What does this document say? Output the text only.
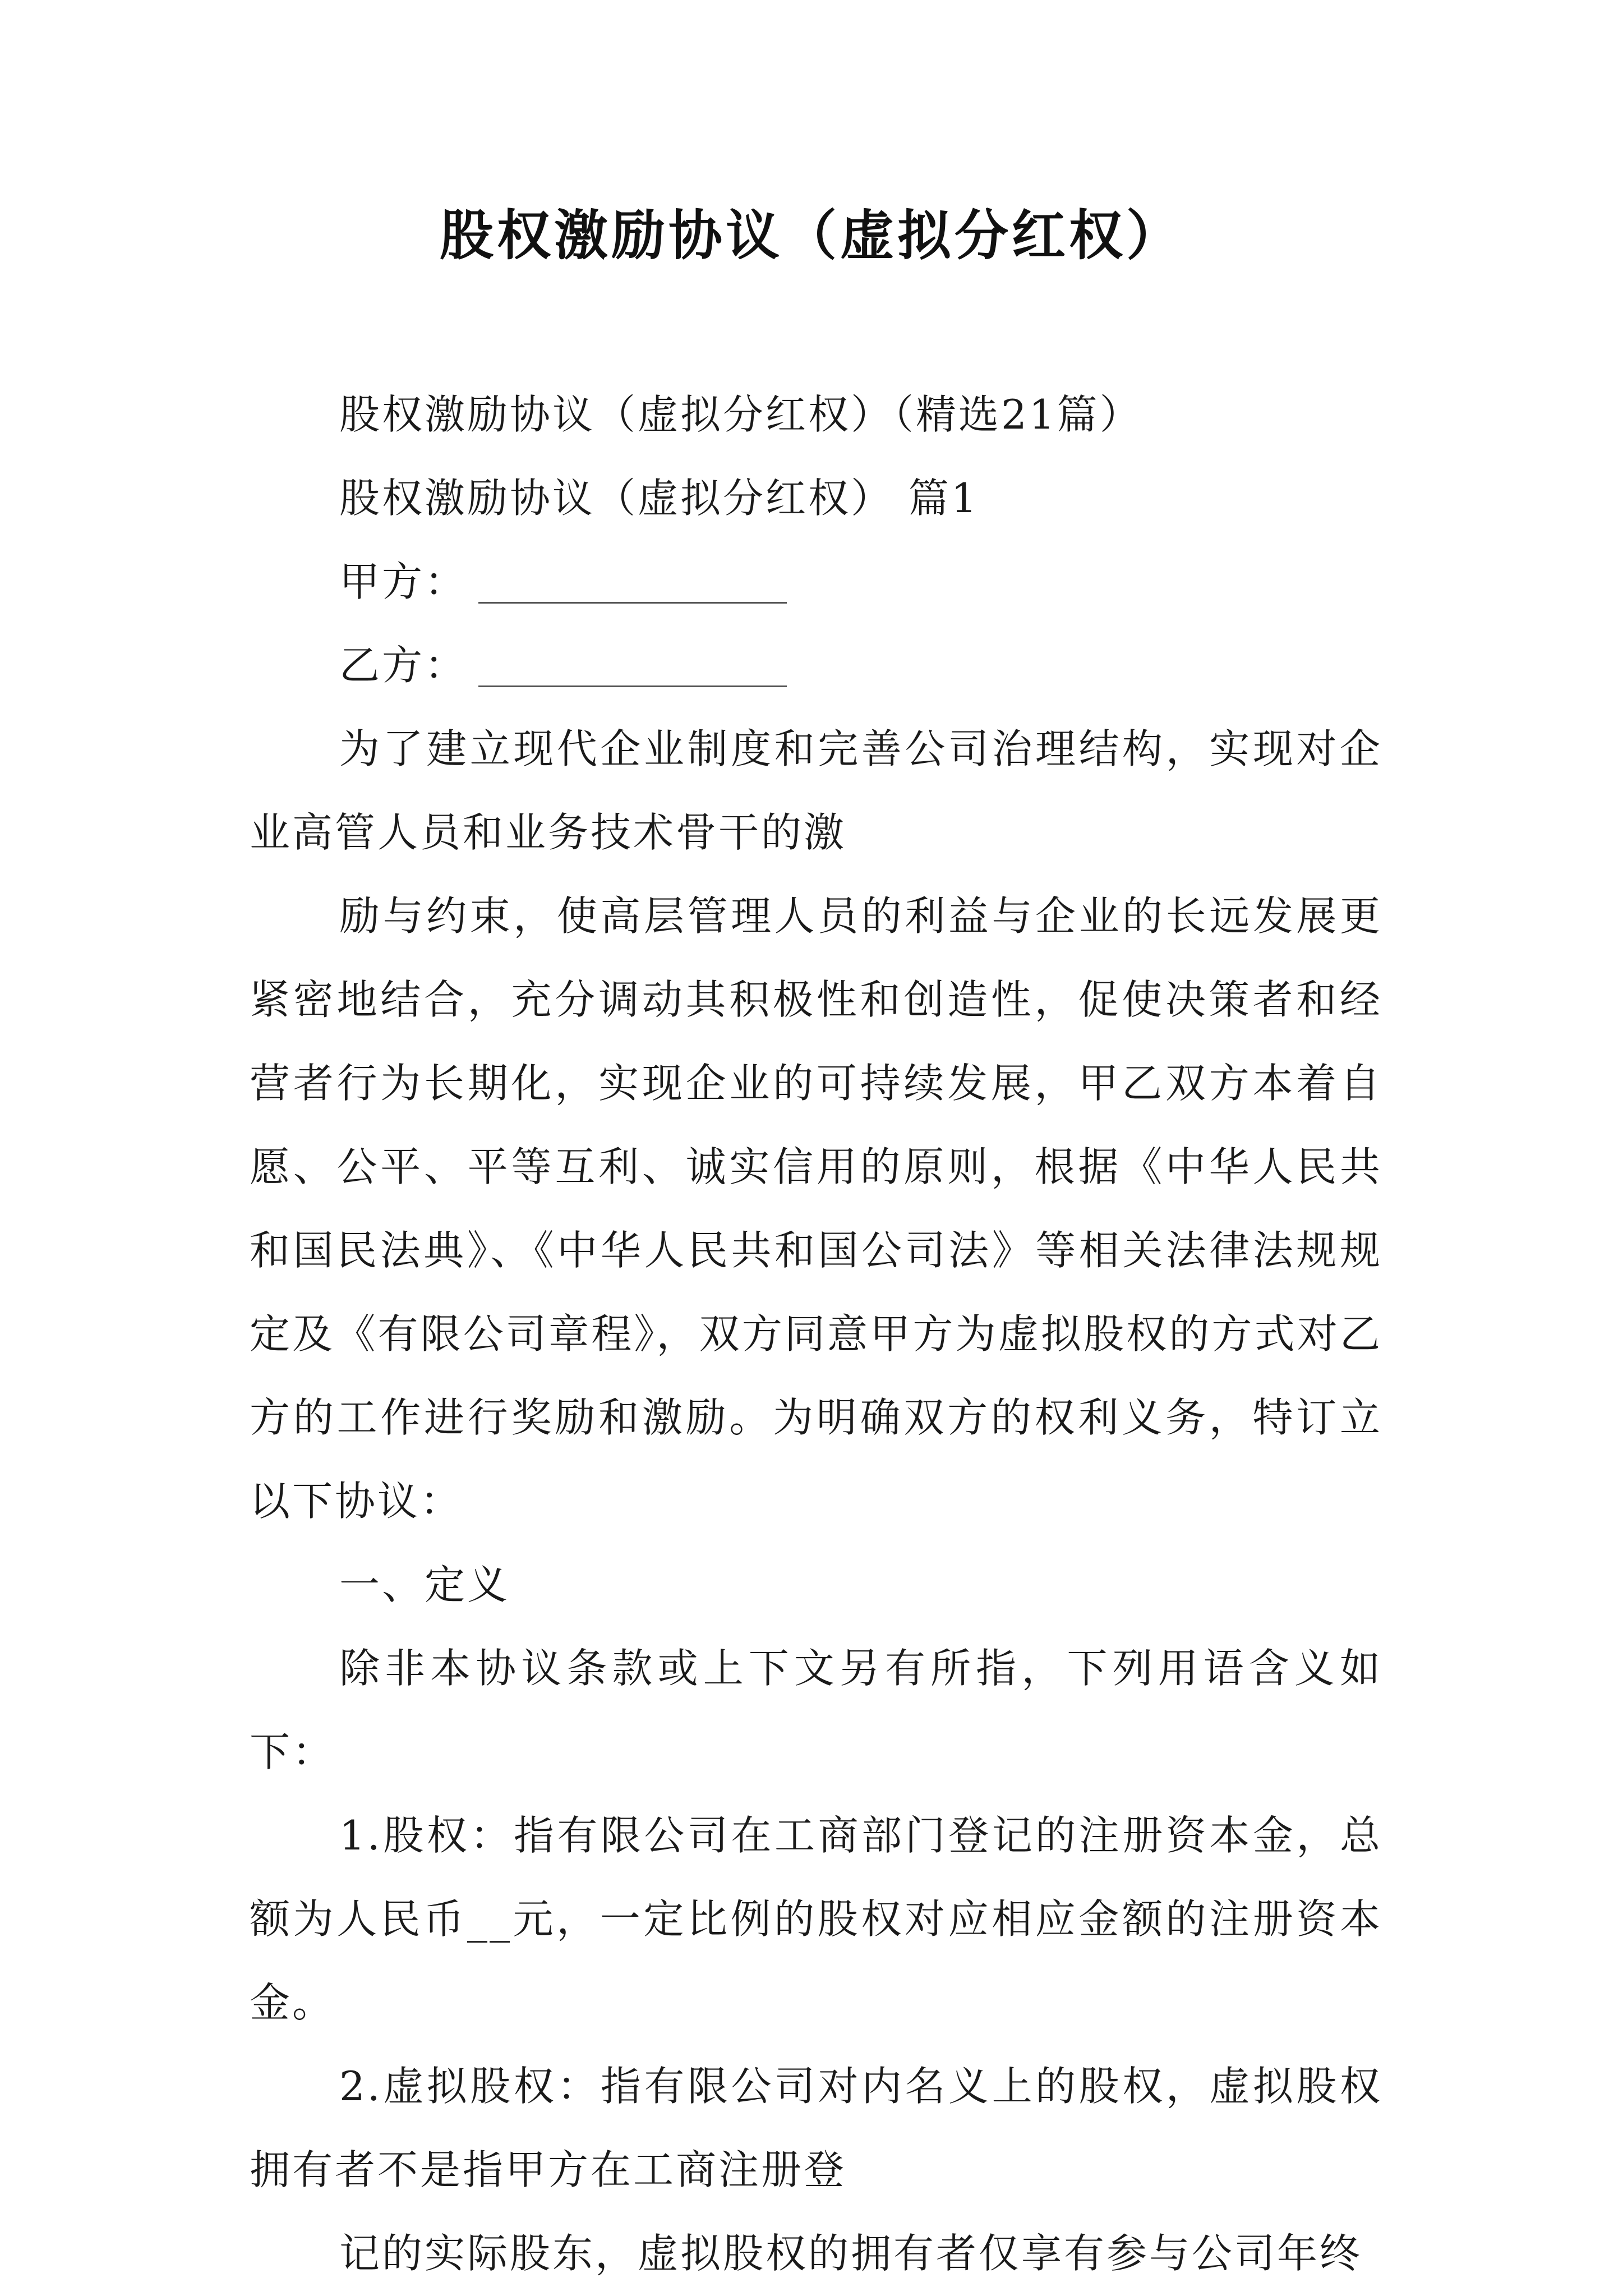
股权激励协议（虚拟分红权）

股权激励协议（虚拟分红权）（精选21篇）

股权激励协议（虚拟分红权） 篇1

甲方：

乙方：

为了建立现代企业制度和完善公司治理结构，实现对企业高管人员和业务技术骨干的激

励与约束，使高层管理人员的利益与企业的长远发展更紧密地结合，充分调动其积极性和创造性，促使决策者和经营者行为长期化，实现企业的可持续发展，甲乙双方本着自愿、公平、平等互利、诚实信用的原则，根据《中华人民共和国民法典》、《中华人民共和国公司法》等相关法律法规规定及《有限公司章程》，双方同意甲方为虚拟股权的方式对乙方的工作进行奖励和激励。为明确双方的权利义务，特订立以下协议：

一、定义

除非本协议条款或上下文另有所指，下列用语含义如下：

1.股权：指有限公司在工商部门登记的注册资本金，总额为人民币__元，一定比例的股权对应相应金额的注册资本金。

2.虚拟股权：指有限公司对内名义上的股权，虚拟股权拥有者不是指甲方在工商注册登

记的实际股东，虚拟股权的拥有者仅享有参与公司年终
